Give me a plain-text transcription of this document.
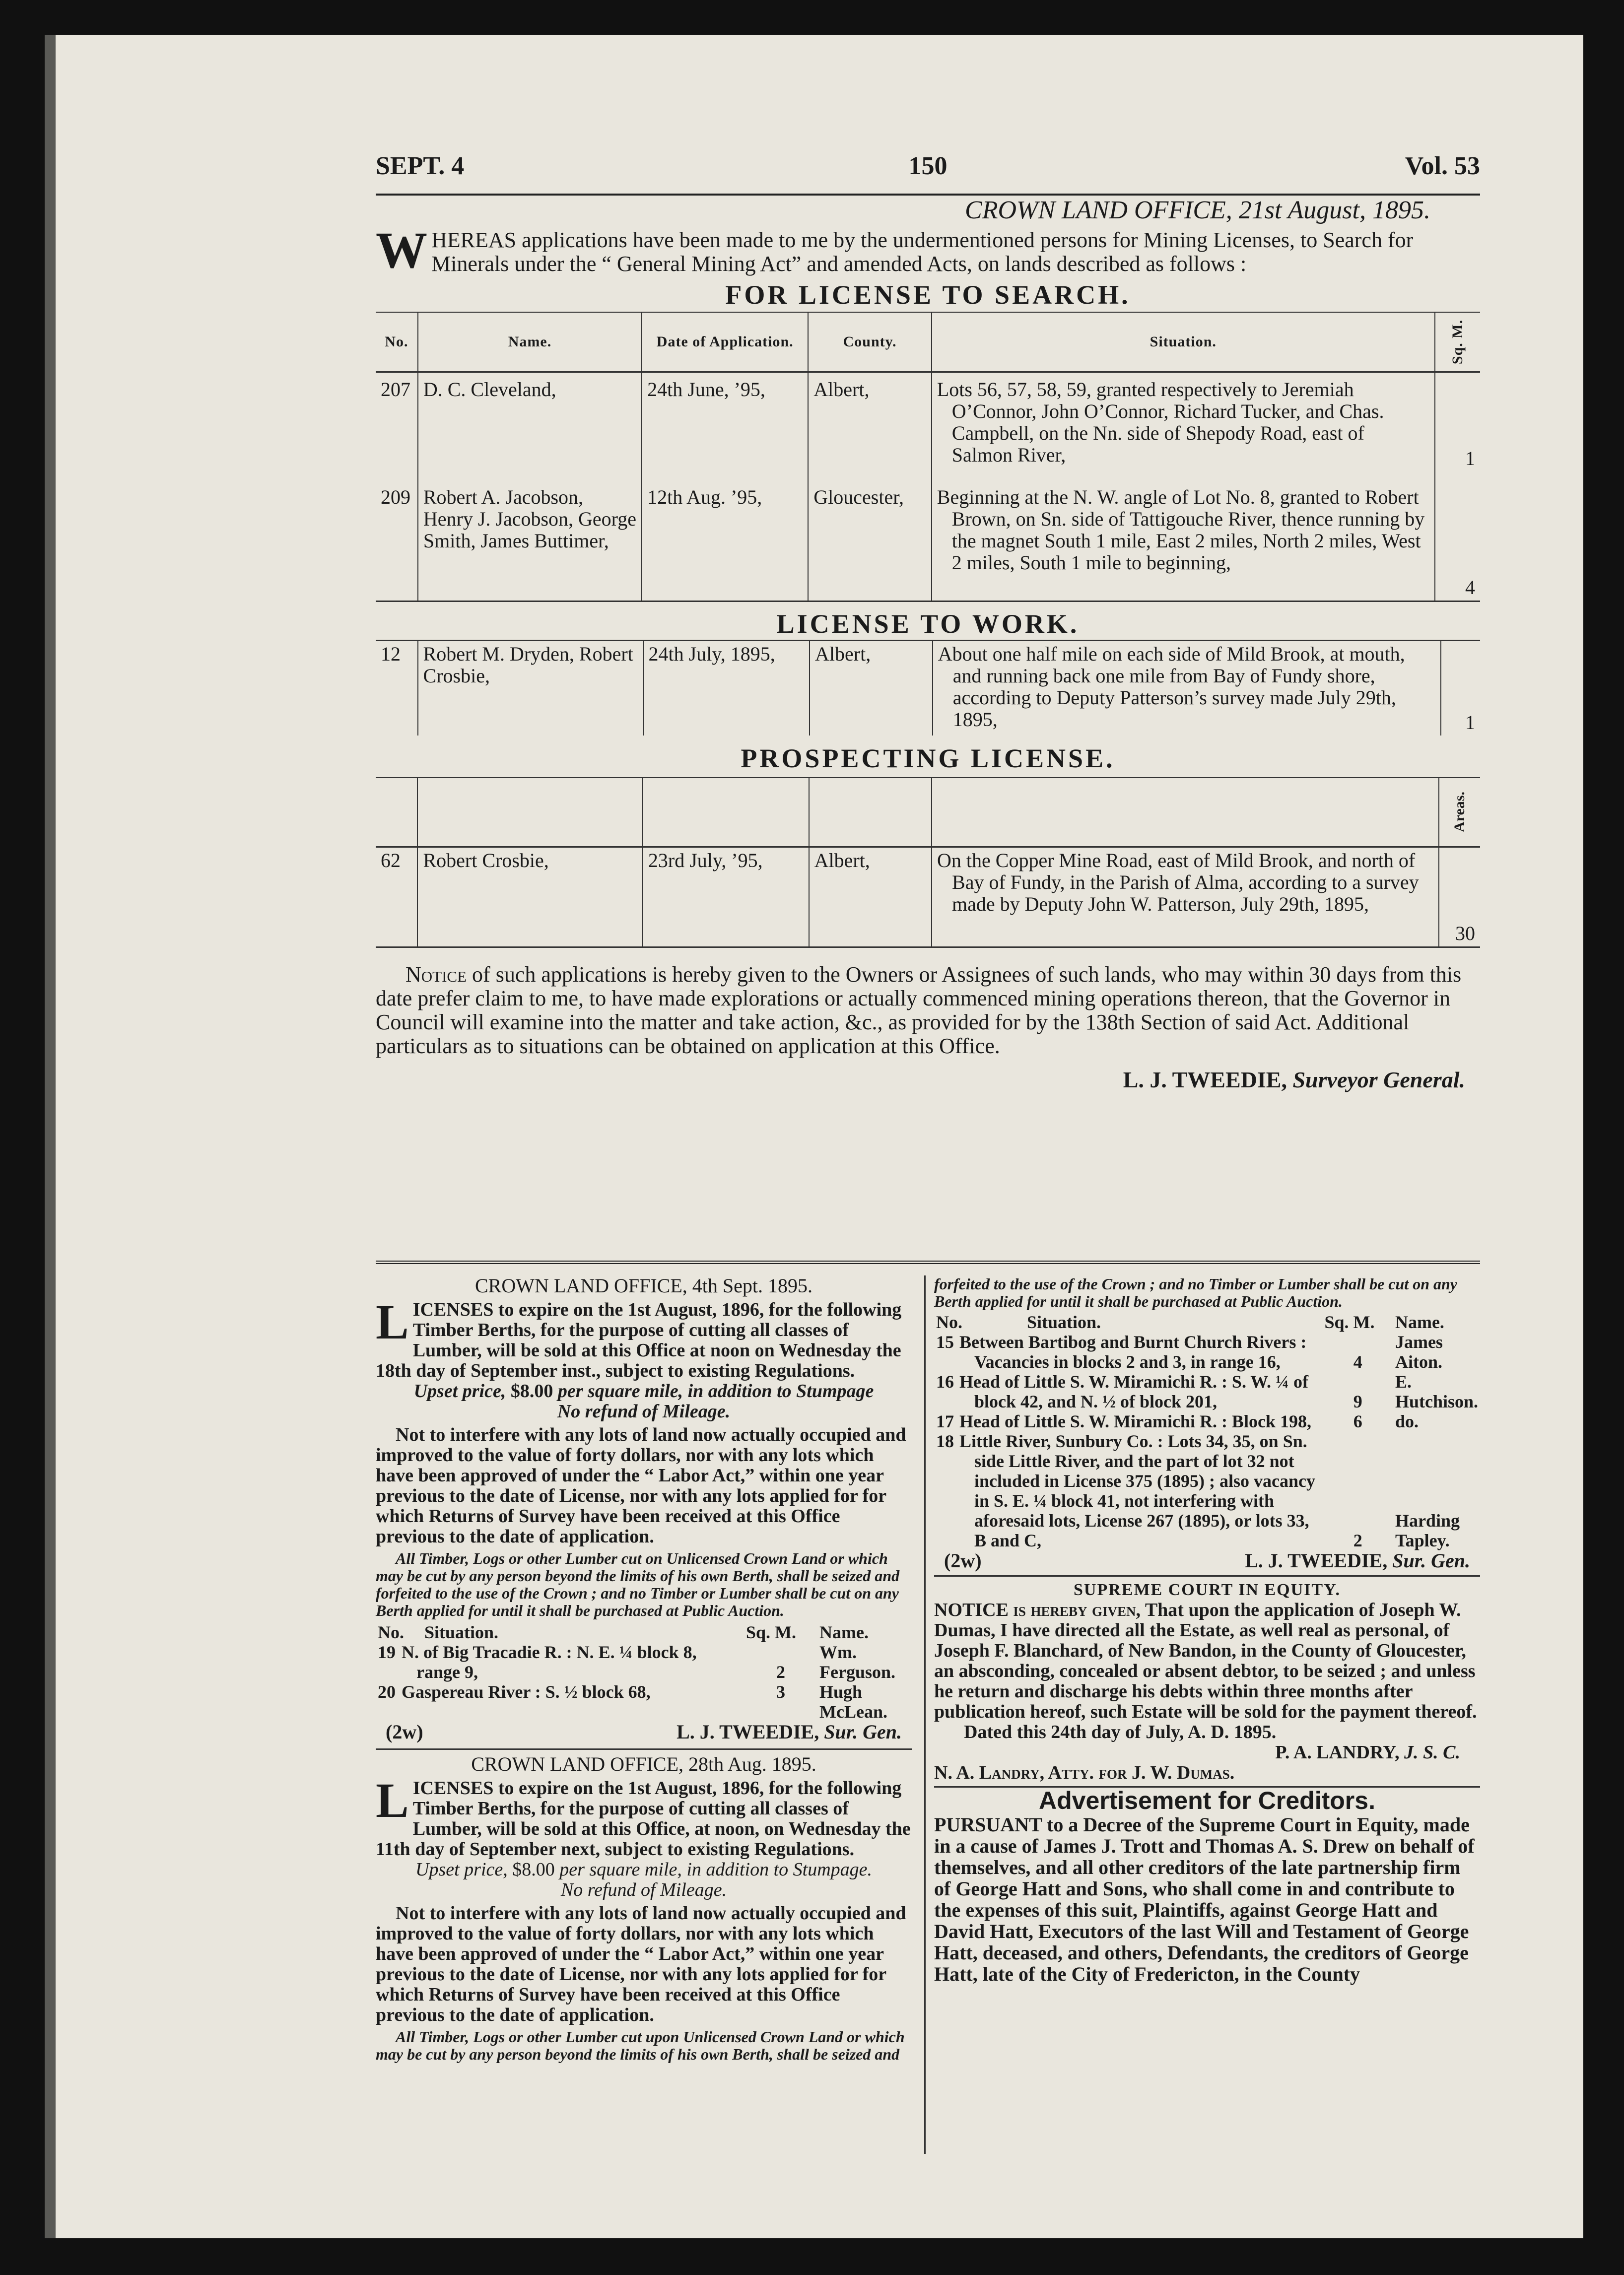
SEPT. 4	150	Vol. 53
CROWN LAND OFFICE, 21st August, 1895.
WHEREAS applications have been made to me by the undermentioned persons for Mining Licenses, to Search for Minerals under the “ General Mining Act” and amended Acts, on lands described as follows :
FOR LICENSE TO SEARCH.
No.	Name.	Date of Application.	County.	Situation.	Sq. M.

207	D. C. Cleveland,	24th June, ’95,	Albert,	Lots 56, 57, 58, 59, granted respectively to Jeremiah O’Connor, John O’Connor, Richard Tucker, and Chas. Campbell, on the Nn. side of Shepody Road, east of Salmon River,	1
209	Robert A. Jacobson, Henry J. Jacobson, George Smith, James Buttimer,	12th Aug. ’95,	Gloucester,	Beginning at the N. W. angle of Lot No. 8, granted to Robert Brown, on Sn. side of Tattigouche River, thence running by the magnet South 1 mile, East 2 miles, North 2 miles, West 2 miles, South 1 mile to beginning,	4
LICENSE TO WORK.
12	Robert M. Dryden, Robert Crosbie,	24th July, 1895,	Albert,	About one half mile on each side of Mild Brook, at mouth, and running back one mile from Bay of Fundy shore, according to Deputy Patterson’s survey made July 29th, 1895,	1
PROSPECTING LICENSE.

					Areas.

62	Robert Crosbie,	23rd July, ’95,	Albert,	On the Copper Mine Road, east of Mild Brook, and north of Bay of Fundy, in the Parish of Alma, according to a survey made by Deputy John W. Patterson, July 29th, 1895,	30
Notice of such applications is hereby given to the Owners or Assignees of such lands, who may within 30 days from this date prefer claim to me, to have made explorations or actually commenced mining operations thereon, that the Governor in Council will examine into the matter and take action, &c., as provided for by the 138th Section of said Act. Additional particulars as to situations can be obtained on application at this Office.
L. J. TWEEDIE, Surveyor General.
CROWN LAND OFFICE, 4th Sept. 1895.
LICENSES to expire on the 1st August, 1896, for the following Timber Berths, for the purpose of cutting all classes of Lumber, will be sold at this Office at noon on Wednesday the 18th day of September inst., subject to existing Regulations.
Upset price, $8.00 per square mile, in addition to Stumpage
No refund of Mileage.
Not to interfere with any lots of land now actually occupied and improved to the value of forty dollars, nor with any lots which have been approved of under the “ Labor Act,” within one year previous to the date of License, nor with any lots applied for for which Returns of Survey have been received at this Office previous to the date of application.
All Timber, Logs or other Lumber cut on Unlicensed Crown Land or which may be cut by any person beyond the limits of his own Berth, shall be seized and forfeited to the use of the Crown ; and no Timber or Lumber shall be cut on any Berth applied for until it shall be purchased at Public Auction.
No.	Situation.	Sq. M.	Name.
19	N. of Big Tracadie R. : N. E. ¼ block 8, range 9,	2	Wm. Ferguson.
20	Gaspereau River : S. ½ block 68,	3	Hugh McLean.
(2w)	L. J. TWEEDIE, Sur. Gen.
CROWN LAND OFFICE, 28th Aug. 1895.
LICENSES to expire on the 1st August, 1896, for the following Timber Berths, for the purpose of cutting all classes of Lumber, will be sold at this Office, at noon, on Wednesday the 11th day of September next, subject to existing Regulations.
Upset price, $8.00 per square mile, in addition to Stumpage.
No refund of Mileage.
Not to interfere with any lots of land now actually occupied and improved to the value of forty dollars, nor with any lots which have been approved of under the “ Labor Act,” within one year previous to the date of License, nor with any lots applied for for which Returns of Survey have been received at this Office previous to the date of application.
All Timber, Logs or other Lumber cut upon Unlicensed Crown Land or which may be cut by any person beyond the limits of his own Berth, shall be seized and
forfeited to the use of the Crown ; and no Timber or Lumber shall be cut on any Berth applied for until it shall be purchased at Public Auction.
No.	Situation.	Sq. M.	Name.
15	Between Bartibog and Burnt Church Rivers : Vacancies in blocks 2 and 3, in range 16,	4	James Aiton.
16	Head of Little S. W. Miramichi R. : S. W. ¼ of block 42, and N. ½ of block 201,	9	E. Hutchison.
17	Head of Little S. W. Miramichi R. : Block 198,	6	do.
18	Little River, Sunbury Co. : Lots 34, 35, on Sn. side Little River, and the part of lot 32 not included in License 375 (1895) ; also vacancy in S. E. ¼ block 41, not interfering with aforesaid lots, License 267 (1895), or lots 33, B and C,	2	Harding Tapley.
(2w)	L. J. TWEEDIE, Sur. Gen.
SUPREME COURT IN EQUITY.
NOTICE is hereby given, That upon the application of Joseph W. Dumas, I have directed all the Estate, as well real as personal, of Joseph F. Blanchard, of New Bandon, in the County of Gloucester, an absconding, concealed or absent debtor, to be seized ; and unless he return and discharge his debts within three months after publication hereof, such Estate will be sold for the payment thereof.
Dated this 24th day of July, A. D. 1895.
P. A. LANDRY, J. S. C.
N. A. Landry, Atty. for J. W. Dumas.
Advertisement for Creditors.
PURSUANT to a Decree of the Supreme Court in Equity, made in a cause of James J. Trott and Thomas A. S. Drew on behalf of themselves, and all other creditors of the late partnership firm of George Hatt and Sons, who shall come in and contribute to the expenses of this suit, Plaintiffs, against George Hatt and David Hatt, Executors of the last Will and Testament of George Hatt, deceased, and others, Defendants, the creditors of George Hatt, late of the City of Fredericton, in the County
